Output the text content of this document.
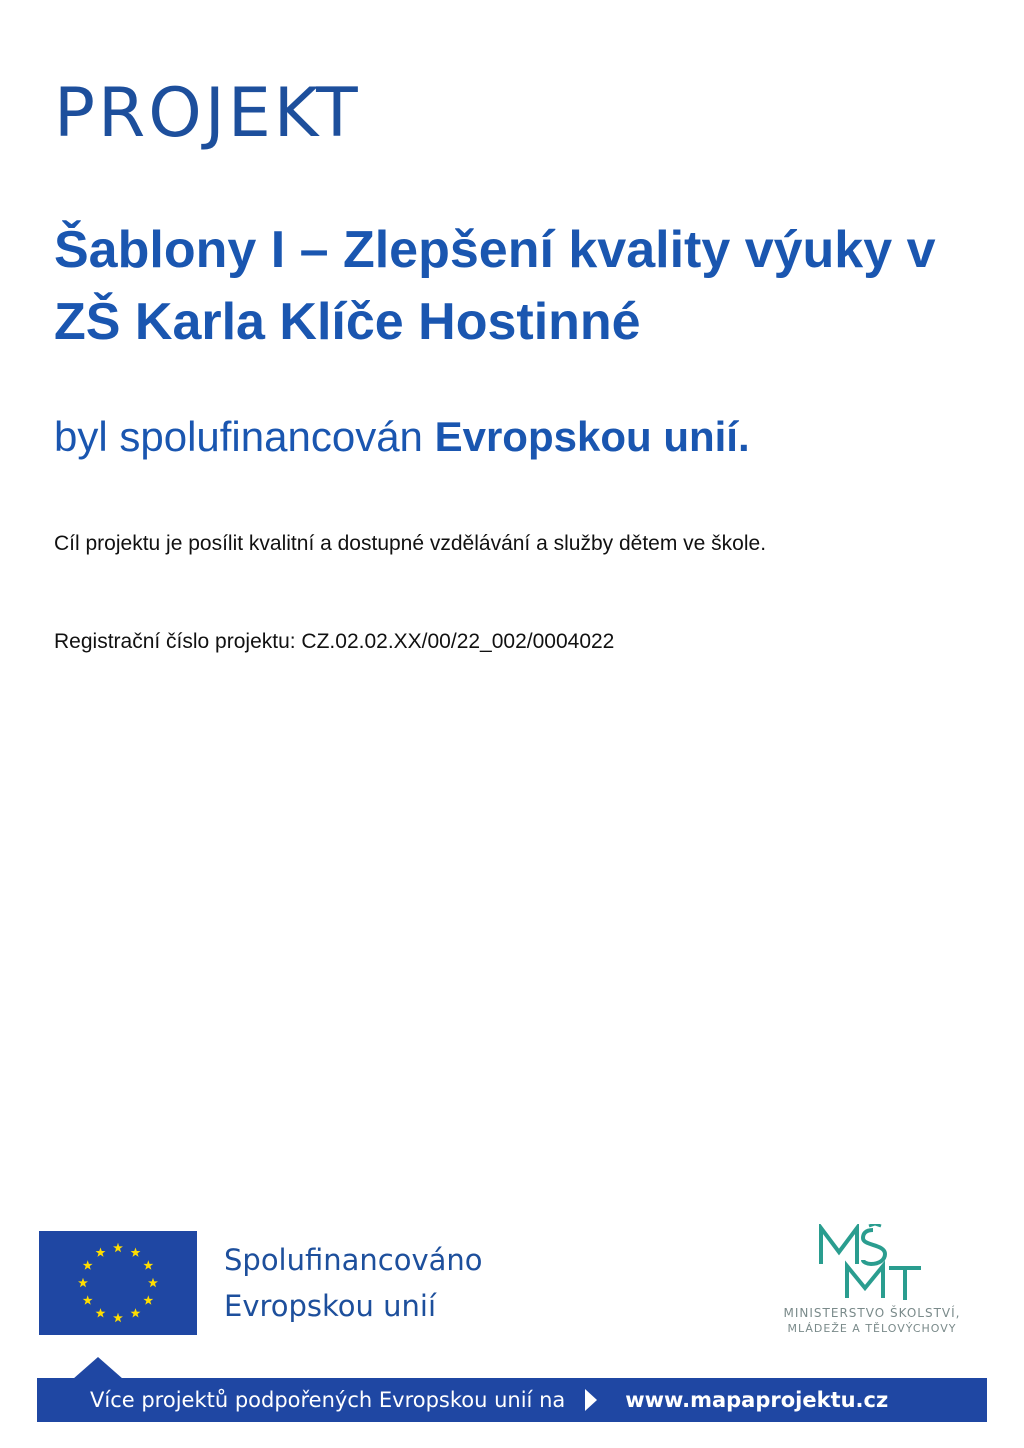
PROJEKT
Šablony I – Zlepšení kvality výuky v ZŠ Karla Klíče Hostinné
byl spolufinancován Evropskou unií.
Cíl projektu je posílit kvalitní a dostupné vzdělávání a služby dětem ve škole.
Registrační číslo projektu: CZ.02.02.XX/00/22_002/0004022
Spolufinancováno
Evropskou unií	MINISTERSTVO ŠKOLSTVÍ,
MLÁDEŽE A TĚLOVÝCHOVY
Více projektů podpořených Evropskou unií na	www.mapaprojektu.cz
